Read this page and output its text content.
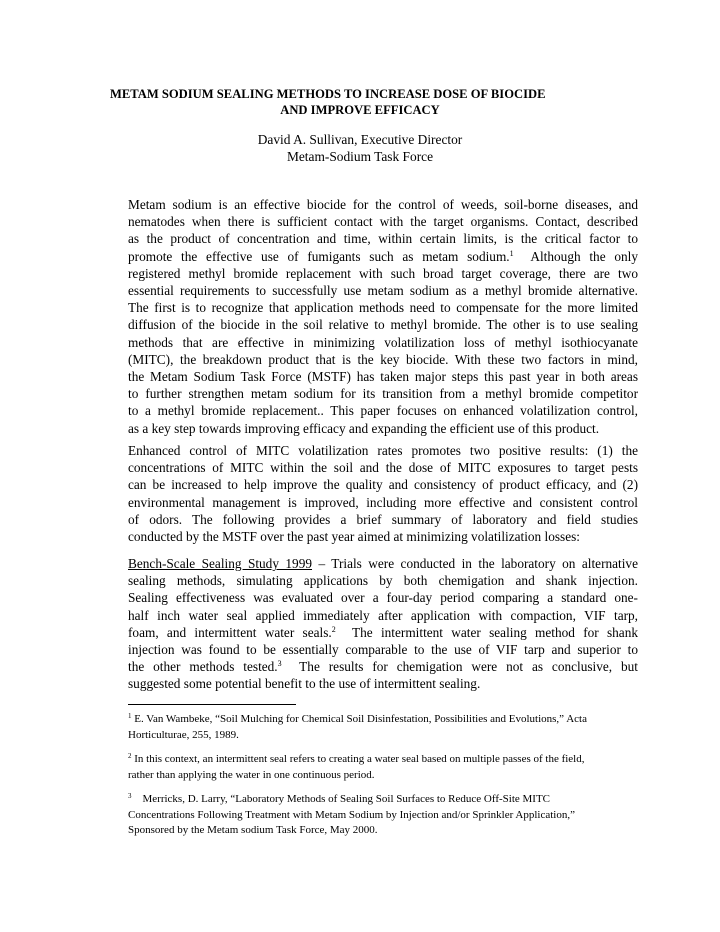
METAM SODIUM SEALING METHODS TO INCREASE DOSE OF BIOCIDE
AND IMPROVE EFFICACY
David A. Sullivan, Executive Director
Metam-Sodium Task Force
Metam sodium is an effective biocide for the control of weeds, soil-borne diseases, and
nematodes when there is sufficient contact with the target organisms. Contact, described
as the product of concentration and time, within certain limits, is the critical factor to
promote the effective use of fumigants such as metam sodium.$^1$  Although the only
registered methyl bromide replacement with such broad target coverage, there are two
essential requirements to successfully use metam sodium as a methyl bromide alternative.
The first is to recognize that application methods need to compensate for the more limited
diffusion of the biocide in the soil relative to methyl bromide. The other is to use sealing
methods that are effective in minimizing volatilization loss of methyl isothiocyanate
(MITC), the breakdown product that is the key biocide. With these two factors in mind,
the Metam Sodium Task Force (MSTF) has taken major steps this past year in both areas
to further strengthen metam sodium for its transition from a methyl bromide competitor
to a methyl bromide replacement.. This paper focuses on enhanced volatilization control,
as a key step towards improving efficacy and expanding the efficient use of this product.
Enhanced control of MITC volatilization rates promotes two positive results: (1) the
concentrations of MITC within the soil and the dose of MITC exposures to target pests
can be increased to help improve the quality and consistency of product efficacy, and (2)
environmental management is improved, including more effective and consistent control
of odors. The following provides a brief summary of laboratory and field studies
conducted by the MSTF over the past year aimed at minimizing volatilization losses:
Bench-Scale Sealing Study 1999 – Trials were conducted in the laboratory on alternative
sealing methods, simulating applications by both chemigation and shank injection.
Sealing effectiveness was evaluated over a four-day period comparing a standard one-
half inch water seal applied immediately after application with compaction, VIF tarp,
foam, and intermittent water seals.$^2$  The intermittent water sealing method for shank
injection was found to be essentially comparable to the use of VIF tarp and superior to
the other methods tested.$^3$  The results for chemigation were not as conclusive, but
suggested some potential benefit to the use of intermittent sealing.
$^1$ E. Van Wambeke, “Soil Mulching for Chemical Soil Disinfestation, Possibilities and Evolutions,” Acta
Horticulturae, 255, 1989.
$^2$ In this context, an intermittent seal refers to creating a water seal based on multiple passes of the field,
rather than applying the water in one continuous period.
$^3$    Merricks, D. Larry, “Laboratory Methods of Sealing Soil Surfaces to Reduce Off-Site MITC
Concentrations Following Treatment with Metam Sodium by Injection and/or Sprinkler Application,”
Sponsored by the Metam sodium Task Force, May 2000.
